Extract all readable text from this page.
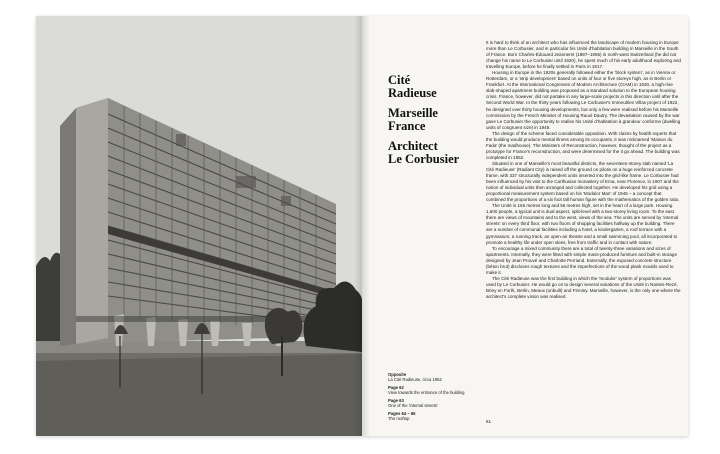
Cité
Radieuse
Marseille
France
Architect
Le Corbusier
Opposite
La Cité Radieuse, circa 1952
Page 62
View towards the entrance of the building
Page 63
One of the 'internal streets'
Pages 64 – 65
The rooftop

It is hard to think of an architect who has influenced the landscape of modern housing in Europe more than Le Corbusier, and in particular his Unité d'habitation building in Marseille in the South of France. Born Charles-Édouard Jeanneret (1887–1965) in north-west Switzerland (he did not change his name to Le Corbusier until 1920), he spent much of his early adulthood exploring and travelling Europe, before he finally settled in Paris in 1917.

Housing in Europe in the 1920s generally followed either the 'block system', as in Vienna or Rotterdam, or a 'strip development' based on units of four or five storeys high, as in Berlin or Frankfurt. At the International Congresses of Modern Architecture (CIAM) in 1930, a high-rise slab-shaped apartment building was proposed as a standard solution to the European housing crisis. France, however, did not partake in any large-scale projects in this direction until after the Second World War. In the thirty years following Le Corbusier's Immeubles Villas project of 1922, he designed over thirty housing developments, but only a few were realised before his Marseille commission by the French Minister of Housing Raoul Dautry. The devastation caused by the war gave Le Corbusier the opportunity to realise his Unité d'habitation à grandeur conforme (dwelling units of congruent size) in 1945.

The design of the scheme faced considerable opposition. With claims by health experts that the building would produce mental illness among its occupants, it was nicknamed 'Maison du Fada' (the madhouse). The Ministers of Reconstruction, however, thought of the project as a prototype for France's reconstruction, and were determined for the it go ahead. The building was completed in 1952.

Situated in one of Marseille's most beautiful districts, the seventeen-storey slab named 'La Cité Radieuse' (Radiant City) is raised off the ground on pilotis on a huge reinforced concrete frame, with 337 structurally independent units inserted into the grid-like frame. Le Corbusier had been influenced by his visit to the Carthusian monastery of Ema, near Florence, in 1907 and the notion of individual units then arranged and collected together. He developed his grid using a proportional measurement system based on his 'Modulor Man' of 1945 – a concept that combined the proportions of a six foot tall human figure with the mathematics of the golden ratio.

The Unité is 165 metres long and 56 metres high, set in the heart of a large park. Housing 1,600 people, a typical unit is dual aspect, split-level with a two-storey living room. To the east there are views of mountains and to the west, views of the sea. The units are served by 'internal streets' on every third floor, with two floors of shopping facilities halfway up the building. There are a number of communal facilities including a hotel, a kindergarten, a roof terrace with a gymnasium, a running track, an open-air theatre and a small swimming pool, all incorporated to promote a healthy life under open skies, free from traffic and in contact with nature.

To encourage a mixed community there are a total of twenty-three variations and sizes of apartments. Internally, they were fitted with simple mass-produced furniture and built-in storage designed by Jean Prouvé and Charlotte Perriand. Externally, the exposed concrete structure (béton brut) discloses rough textures and the imperfections of the wood plank moulds used to make it.

The Cité Radieuse was the first building in which the 'modulor' system of proportions was used by Le Corbusier. He would go on to design several variations of the Unité in Nantes-Rezé, Briey en Forêt, Berlin, Meaux (unbuilt) and Firminy. Marseille, however, is the only one where the architect's complete vision was realised.

61
